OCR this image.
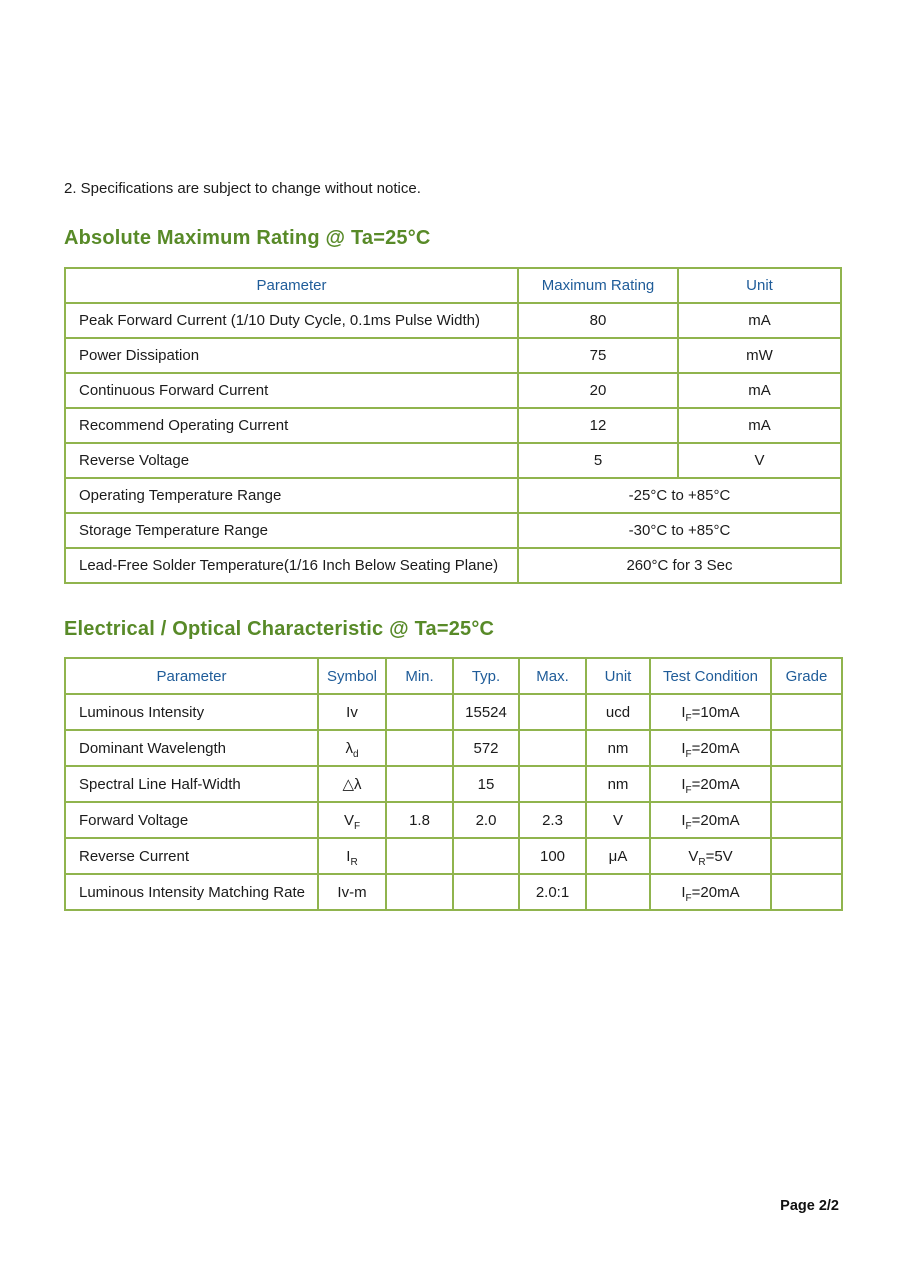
2. Specifications are subject to change without notice.
Absolute Maximum Rating @ Ta=25°C
Parameter	Maximum Rating	Unit
Peak Forward Current (1/10 Duty Cycle, 0.1ms Pulse Width)	80	mA
Power Dissipation	75	mW
Continuous Forward Current	20	mA
Recommend Operating Current	12	mA
Reverse Voltage	5	V
Operating Temperature Range	-25°C to +85°C	
Storage Temperature Range	-30°C to +85°C	
Lead-Free Solder Temperature(1/16 Inch Below Seating Plane)	260°C for 3 Sec	
Electrical / Optical Characteristic @ Ta=25°C
Parameter	Symbol	Min.	Typ.	Max.	Unit	Test Condition	Grade
Luminous Intensity	Iv		15524		ucd	$I_F=10mA$	
Dominant Wavelength	$\lambda_d$		572		nm	$I_F=20mA$	
Spectral Line Half-Width	△λ		15		nm	$I_F=20mA$	
Forward Voltage	$V_F$	1.8	2.0	2.3	V	$I_F=20mA$	
Reverse Current	$I_R$			100	μA	$V_R=5V$	
Luminous Intensity Matching Rate	Iv-m			2.0:1		$I_F=20mA$	
Page 2/2
